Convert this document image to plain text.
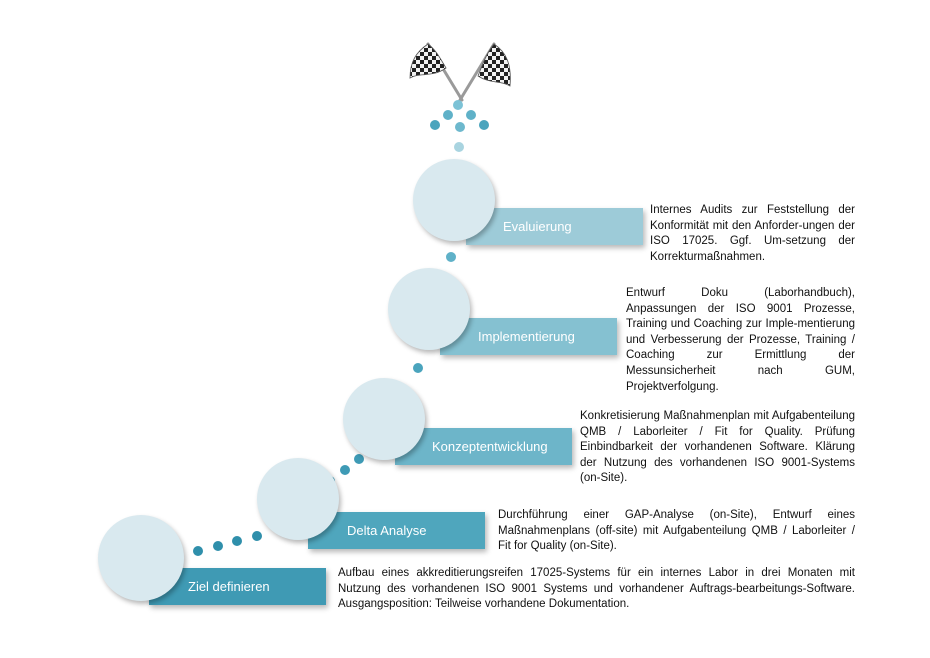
Evaluierung
Internes Audits zur Feststellung der Konformität mit den Anforder-ungen der ISO 17025. Ggf. Um-setzung der Korrekturmaßnahmen.
Implementierung
Entwurf Doku (Laborhandbuch), Anpassungen der ISO 9001 Prozesse, Training und Coaching zur Imple-mentierung und Verbesserung der Prozesse, Training / Coaching zur Ermittlung der Messunsicherheit nach GUM, Projektverfolgung.
Konzeptentwicklung
Konkretisierung Maßnahmenplan mit Aufgabenteilung QMB / Laborleiter / Fit for Quality. Prüfung Einbindbarkeit der vorhandenen Software. Klärung der Nutzung des vorhandenen ISO 9001-Systems (on-Site).
Delta Analyse
Durchführung einer GAP-Analyse (on-Site), Entwurf eines Maßnahmenplans (off-site) mit Aufgabenteilung QMB / Laborleiter / Fit for Quality (on-Site).
Ziel definieren
Aufbau eines akkreditierungsreifen 17025-Systems für ein internes Labor in drei Monaten mit Nutzung des vorhandenen ISO 9001 Systems und vorhandener Auftrags-bearbeitungs-Software. Ausgangsposition: Teilweise vorhandene Dokumentation.
